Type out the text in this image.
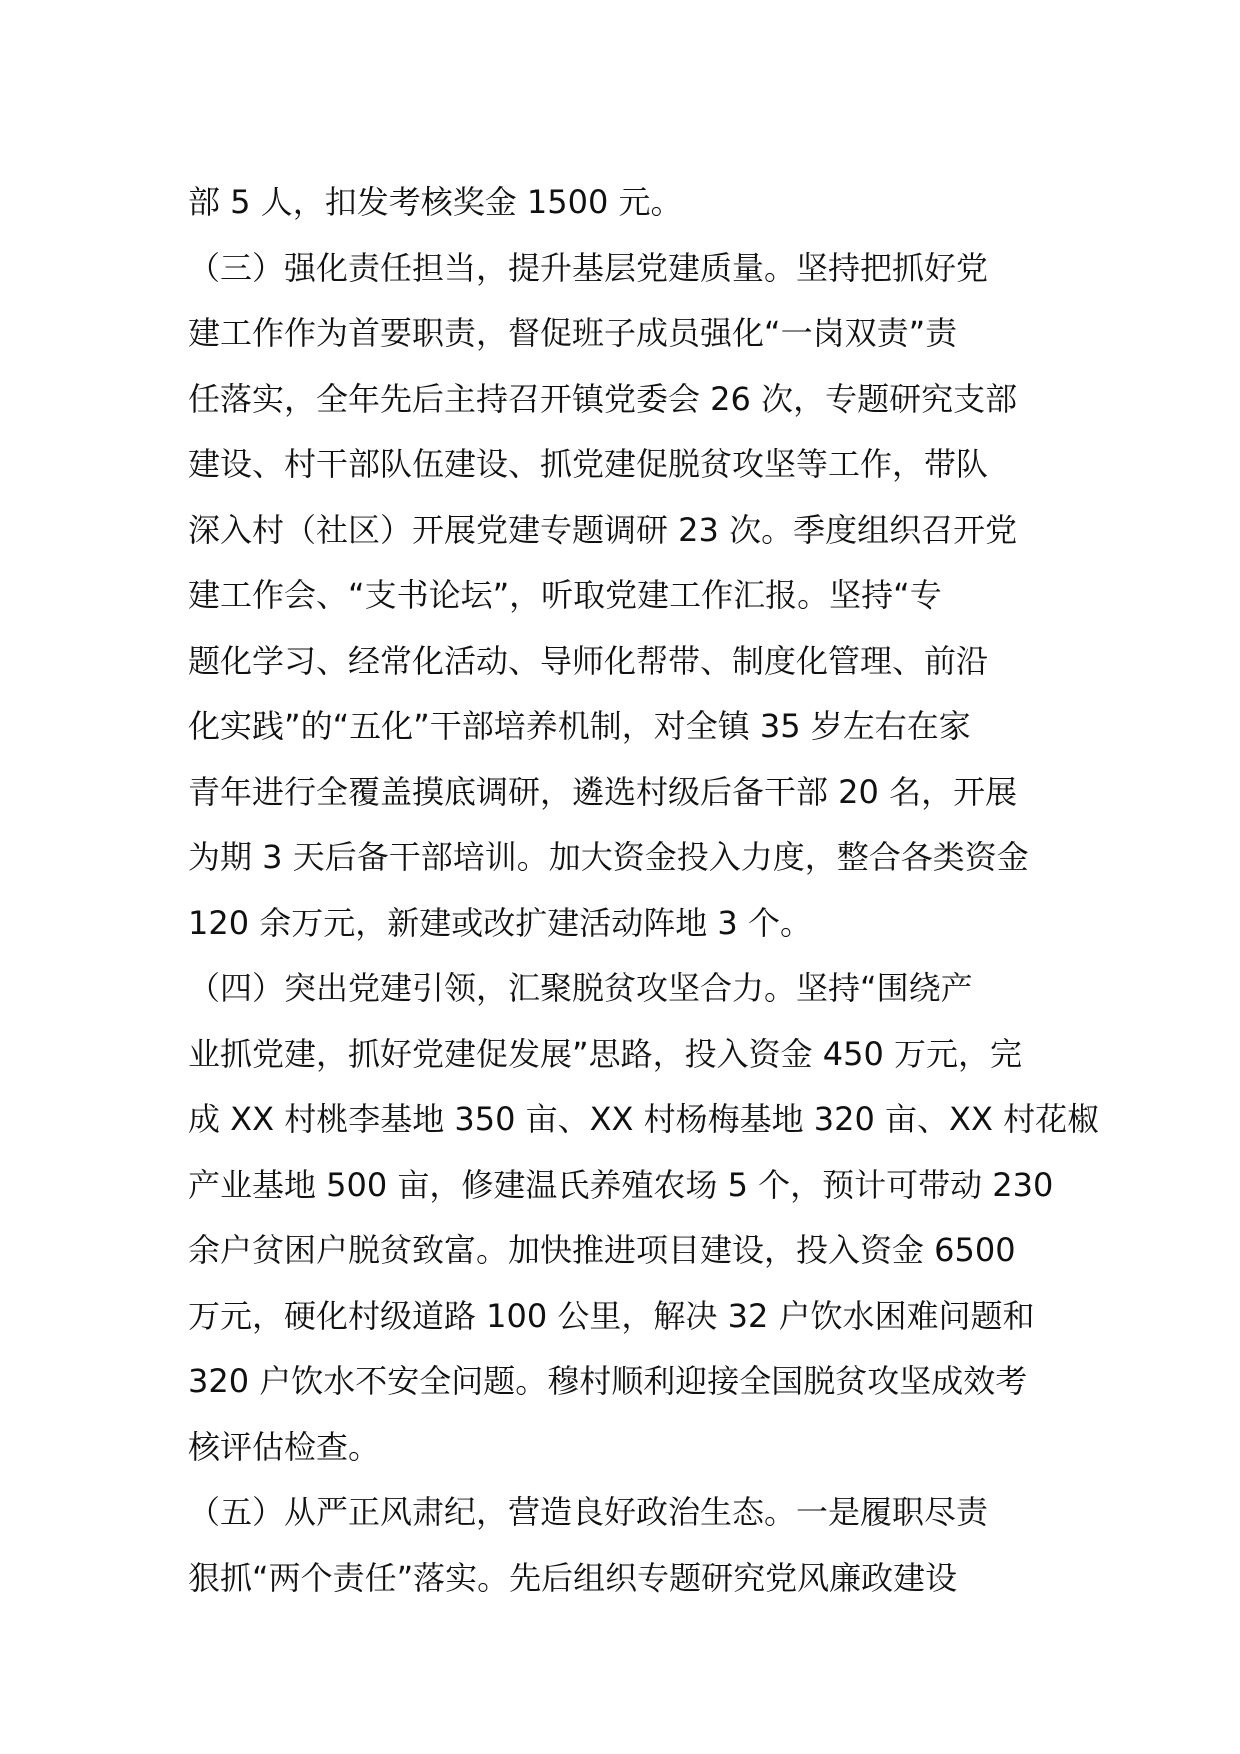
部 5 人，扣发考核奖金 1500 元。
（三）强化责任担当，提升基层党建质量。坚持把抓好党
建工作作为首要职责，督促班子成员强化“一岗双责”责
任落实，全年先后主持召开镇党委会 26 次，专题研究支部
建设、村干部队伍建设、抓党建促脱贫攻坚等工作，带队
深入村（社区）开展党建专题调研 23 次。季度组织召开党
建工作会、“支书论坛”，听取党建工作汇报。坚持“专
题化学习、经常化活动、导师化帮带、制度化管理、前沿
化实践”的“五化”干部培养机制，对全镇 35 岁左右在家
青年进行全覆盖摸底调研，遴选村级后备干部 20 名，开展
为期 3 天后备干部培训。加大资金投入力度，整合各类资金
120 余万元，新建或改扩建活动阵地 3 个。
（四）突出党建引领，汇聚脱贫攻坚合力。坚持“围绕产
业抓党建，抓好党建促发展”思路，投入资金 450 万元，完
成 XX 村桃李基地 350 亩、XX 村杨梅基地 320 亩、XX 村花椒
产业基地 500 亩，修建温氏养殖农场 5 个，预计可带动 230
余户贫困户脱贫致富。加快推进项目建设，投入资金 6500
万元，硬化村级道路 100 公里，解决 32 户饮水困难问题和
320 户饮水不安全问题。穆村顺利迎接全国脱贫攻坚成效考
核评估检查。
（五）从严正风肃纪，营造良好政治生态。一是履职尽责
狠抓“两个责任”落实。先后组织专题研究党风廉政建设
